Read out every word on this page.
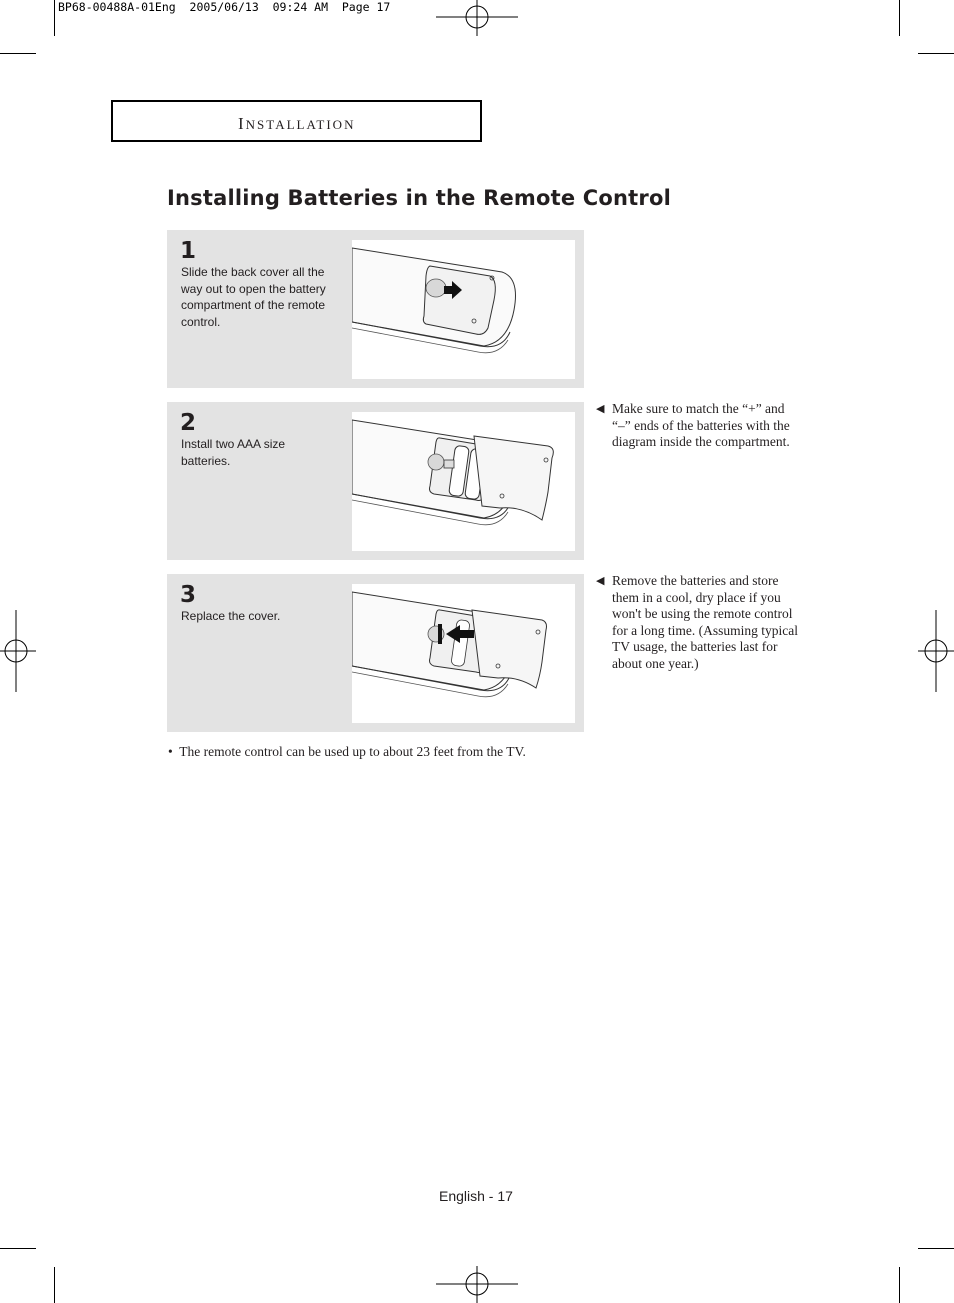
BP68-00488A-01Eng  2005/06/13  09:24 AM  Page 17
INSTALLATION
Installing Batteries in the Remote Control
1
Slide the back cover all the way out to open the battery compartment of the remote control.
2
Install two AAA size batteries.
3
Replace the cover.
◀ Make sure to match the “+” and “–” ends of the batteries with the diagram inside the compartment.
◀ Remove the batteries and store them in a cool, dry place if you won't be using the remote control for a long time. (Assuming typical TV usage, the batteries last for about one year.)
• The remote control can be used up to about 23 feet from the TV.
English - 17
